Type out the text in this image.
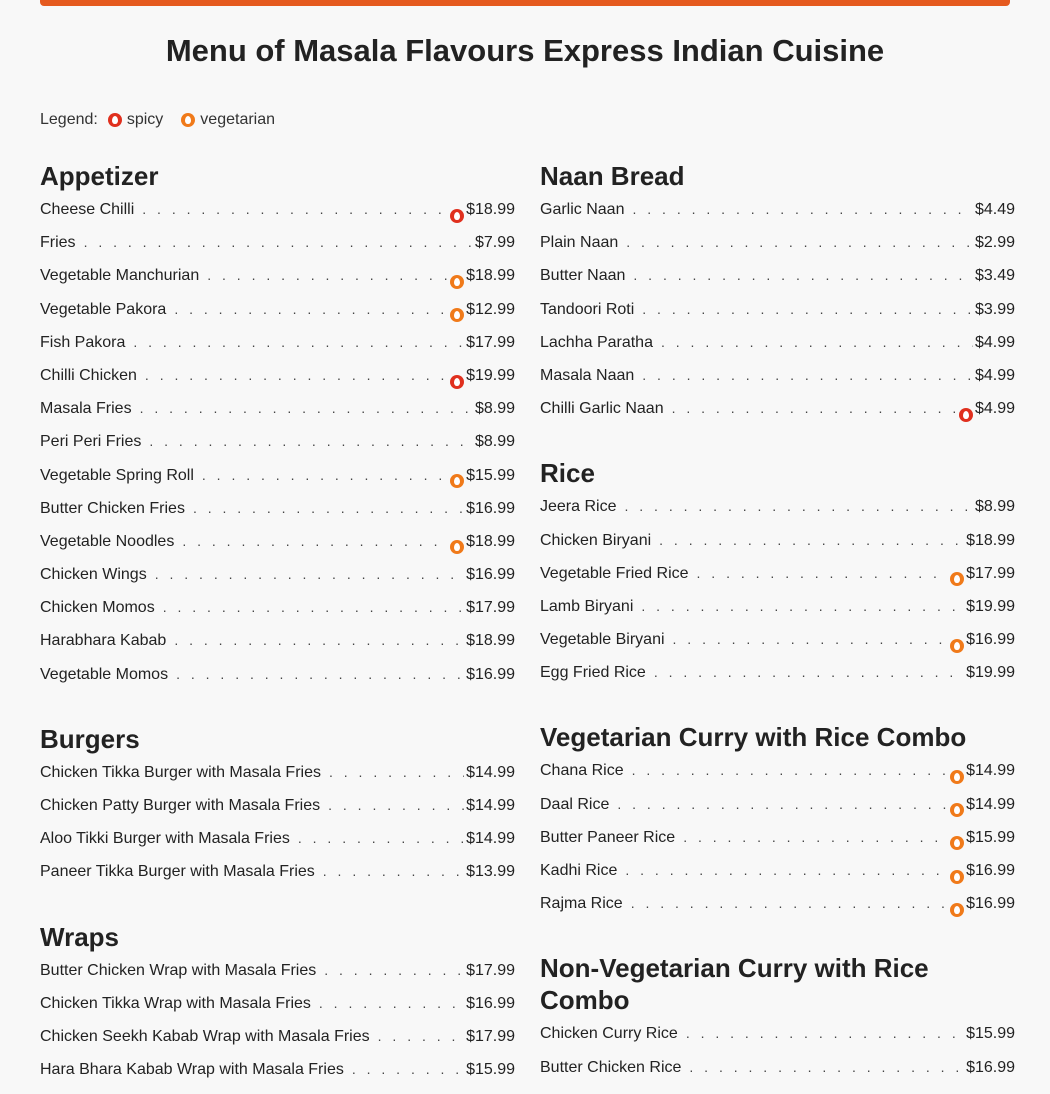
Menu of Masala Flavours Express Indian Cuisine
Legend: spicy vegetarian
Appetizer
Cheese Chilli . . .	$18.99
Fries . . .	$7.99
Vegetable Manchurian . . .	$18.99
Vegetable Pakora . . .	$12.99
Fish Pakora . . .	$17.99
Chilli Chicken . . .	$19.99
Masala Fries . . .	$8.99
Peri Peri Fries . . .	$8.99
Vegetable Spring Roll . . .	$15.99
Butter Chicken Fries . . .	$16.99
Vegetable Noodles . . .	$18.99
Chicken Wings . . .	$16.99
Chicken Momos . . .	$17.99
Harabhara Kabab . . .	$18.99
Vegetable Momos . . .	$16.99
Burgers
Chicken Tikka Burger with Masala Fries . . .	$14.99
Chicken Patty Burger with Masala Fries . . .	$14.99
Aloo Tikki Burger with Masala Fries . . .	$14.99
Paneer Tikka Burger with Masala Fries . . .	$13.99
Wraps
Butter Chicken Wrap with Masala Fries . . .	$17.99
Chicken Tikka Wrap with Masala Fries . . .	$16.99
Chicken Seekh Kabab Wrap with Masala Fries . . .	$17.99
Hara Bhara Kabab Wrap with Masala Fries . . .	$15.99
Naan Bread
Garlic Naan . . .	$4.49
Plain Naan . . .	$2.99
Butter Naan . . .	$3.49
Tandoori Roti . . .	$3.99
Lachha Paratha . . .	$4.99
Masala Naan . . .	$4.99
Chilli Garlic Naan . . .	$4.99
Rice
Jeera Rice . . .	$8.99
Chicken Biryani . . .	$18.99
Vegetable Fried Rice . . .	$17.99
Lamb Biryani . . .	$19.99
Vegetable Biryani . . .	$16.99
Egg Fried Rice . . .	$19.99
Vegetarian Curry with Rice Combo
Chana Rice . . .	$14.99
Daal Rice . . .	$14.99
Butter Paneer Rice . . .	$15.99
Kadhi Rice . . .	$16.99
Rajma Rice . . .	$16.99
Non-Vegetarian Curry with Rice Combo
Chicken Curry Rice . . .	$15.99
Butter Chicken Rice . . .	$16.99
